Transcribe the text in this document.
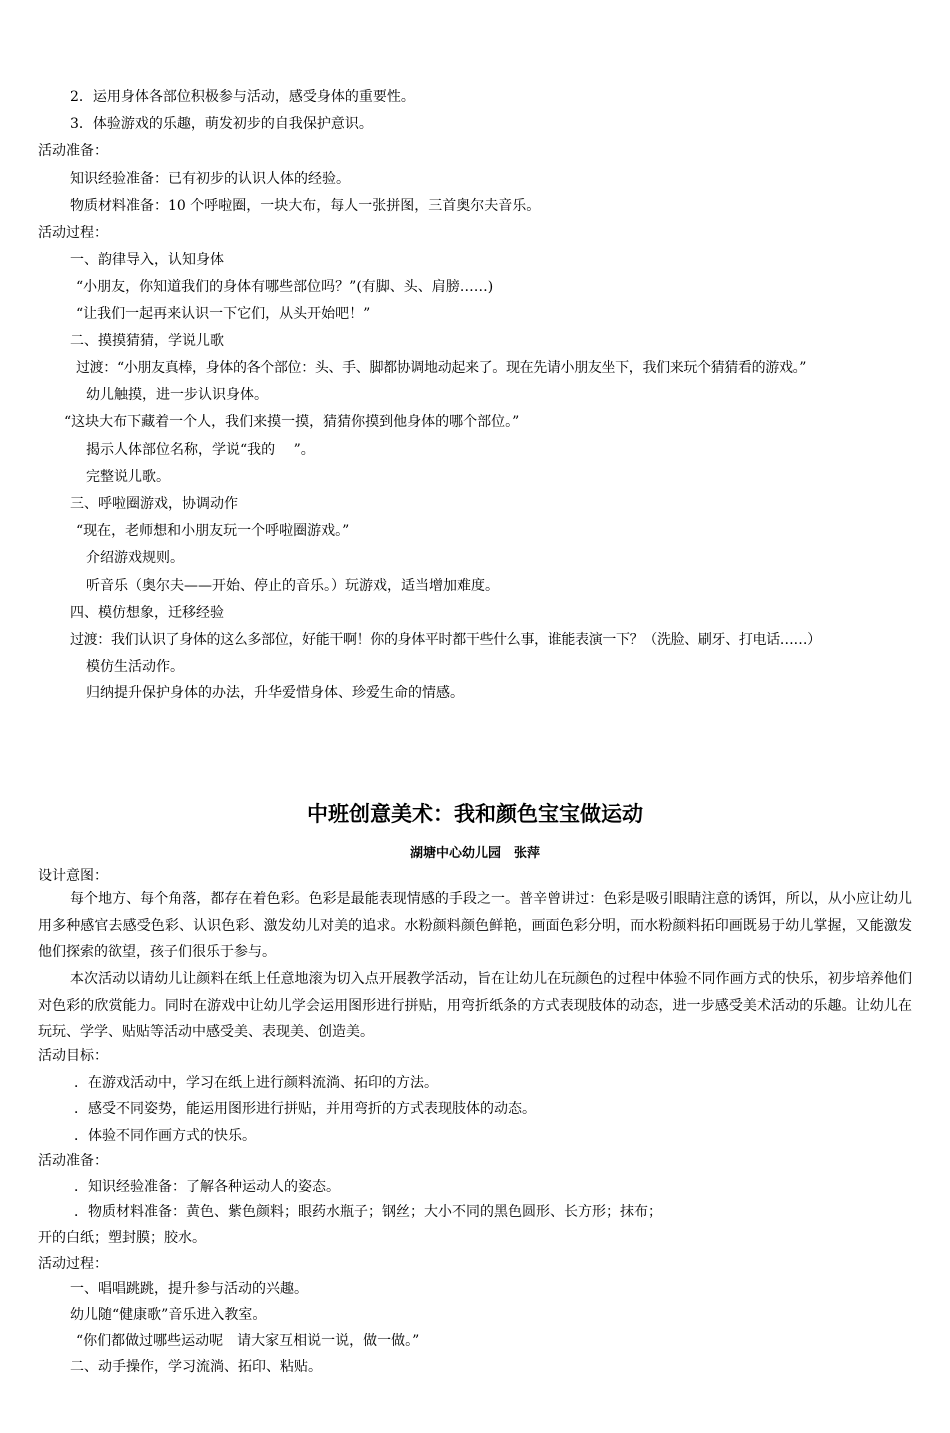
2．运用身体各部位积极参与活动，感受身体的重要性。
3．体验游戏的乐趣，萌发初步的自我保护意识。
活动准备：
知识经验准备：已有初步的认识人体的经验。
物质材料准备：10 个呼啦圈，一块大布，每人一张拼图，三首奥尔夫音乐。
活动过程：
一、韵律导入，认知身体
“小朋友，你知道我们的身体有哪些部位吗？”(有脚、头、肩膀……)
“让我们一起再来认识一下它们，从头开始吧！”
二、摸摸猜猜，学说儿歌
过渡：“小朋友真棒，身体的各个部位：头、手、脚都协调地动起来了。现在先请小朋友坐下，我们来玩个猜猜看的游戏。”
幼儿触摸，进一步认识身体。
“这块大布下藏着一个人，我们来摸一摸，猜猜你摸到他身体的哪个部位。”
揭示人体部位名称，学说“我的　 ”。
完整说儿歌。
三、呼啦圈游戏，协调动作
“现在，老师想和小朋友玩一个呼啦圈游戏。”
介绍游戏规则。
听音乐（奥尔夫——开始、停止的音乐。）玩游戏，适当增加难度。
四、模仿想象，迁移经验
过渡：我们认识了身体的这么多部位，好能干啊！你的身体平时都干些什么事，谁能表演一下？（洗脸、刷牙、打电话……）
模仿生活动作。
归纳提升保护身体的办法，升华爱惜身体、珍爱生命的情感。
中班创意美术：我和颜色宝宝做运动
湖塘中心幼儿园　张萍
设计意图：
每个地方、每个角落，都存在着色彩。色彩是最能表现情感的手段之一。普辛曾讲过：色彩是吸引眼睛注意的诱饵，所以，从小应让幼儿用多种感官去感受色彩、认识色彩、激发幼儿对美的追求。水粉颜料颜色鲜艳，画面色彩分明，而水粉颜料拓印画既易于幼儿掌握，又能激发他们探索的欲望，孩子们很乐于参与。
本次活动以请幼儿让颜料在纸上任意地滚为切入点开展教学活动，旨在让幼儿在玩颜色的过程中体验不同作画方式的快乐，初步培养他们对色彩的欣赏能力。同时在游戏中让幼儿学会运用图形进行拼贴，用弯折纸条的方式表现肢体的动态，进一步感受美术活动的乐趣。让幼儿在玩玩、学学、贴贴等活动中感受美、表现美、创造美。
活动目标：
．在游戏活动中，学习在纸上进行颜料流淌、拓印的方法。
．感受不同姿势，能运用图形进行拼贴，并用弯折的方式表现肢体的动态。
．体验不同作画方式的快乐。
活动准备：
．知识经验准备：了解各种运动人的姿态。
．物质材料准备：黄色、紫色颜料；眼药水瓶子；钢丝；大小不同的黑色圆形、长方形；抹布；
开的白纸；塑封膜；胶水。
活动过程：
一、唱唱跳跳，提升参与活动的兴趣。
幼儿随“健康歌”音乐进入教室。
“你们都做过哪些运动呢　请大家互相说一说，做一做。”
二、动手操作，学习流淌、拓印、粘贴。
